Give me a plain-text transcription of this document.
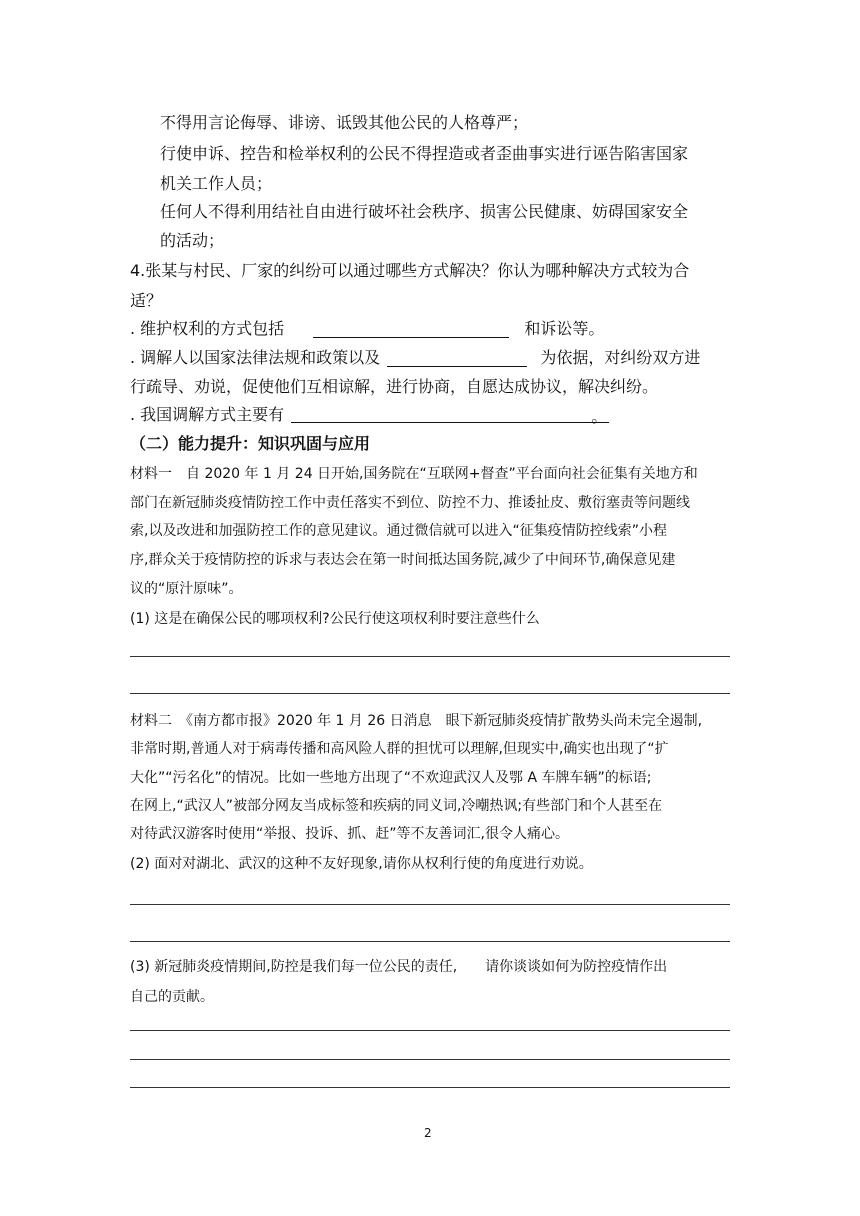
不得用言论侮辱、诽谤、诋毁其他公民的人格尊严；
行使申诉、控告和检举权利的公民不得捏造或者歪曲事实进行诬告陷害国家
机关工作人员；
任何人不得利用结社自由进行破坏社会秩序、损害公民健康、妨碍国家安全
的活动；
4.张某与村民、厂家的纠纷可以通过哪些方式解决？你认为哪种解决方式较为合
适？
. 维护权利的方式包括	和诉讼等。
. 调解人以国家法律法规和政策以及	为依据，对纠纷双方进
行疏导、劝说，促使他们互相谅解，进行协商，自愿达成协议，解决纠纷。
. 我国调解方式主要有	。
（二）能力提升：知识巩固与应用
材料一　自 2020 年 1 月 24 日开始,国务院在“互联网+督查”平台面向社会征集有关地方和
部门在新冠肺炎疫情防控工作中责任落实不到位、防控不力、推诿扯皮、敷衍塞责等问题线
索,以及改进和加强防控工作的意见建议。通过微信就可以进入“征集疫情防控线索”小程
序,群众关于疫情防控的诉求与表达会在第一时间抵达国务院,减少了中间环节,确保意见建
议的“原汁原味”。
(1) 这是在确保公民的哪项权利?公民行使这项权利时要注意些什么
材料二　《南方都市报》2020 年 1 月 26 日消息　眼下新冠肺炎疫情扩散势头尚未完全遏制,
非常时期,普通人对于病毒传播和高风险人群的担忧可以理解,但现实中,确实也出现了“扩
大化”“污名化”的情况。比如一些地方出现了“不欢迎武汉人及鄂 A 车牌车辆”的标语;
在网上,“武汉人”被部分网友当成标签和疾病的同义词,冷嘲热讽;有些部门和个人甚至在
对待武汉游客时使用“举报、投诉、抓、赶”等不友善词汇,很令人痛心。
(2) 面对对湖北、武汉的这种不友好现象,请你从权利行使的角度进行劝说。
(3) 新冠肺炎疫情期间,防控是我们每一位公民的责任,　　请你谈谈如何为防控疫情作出
自己的贡献。
2
